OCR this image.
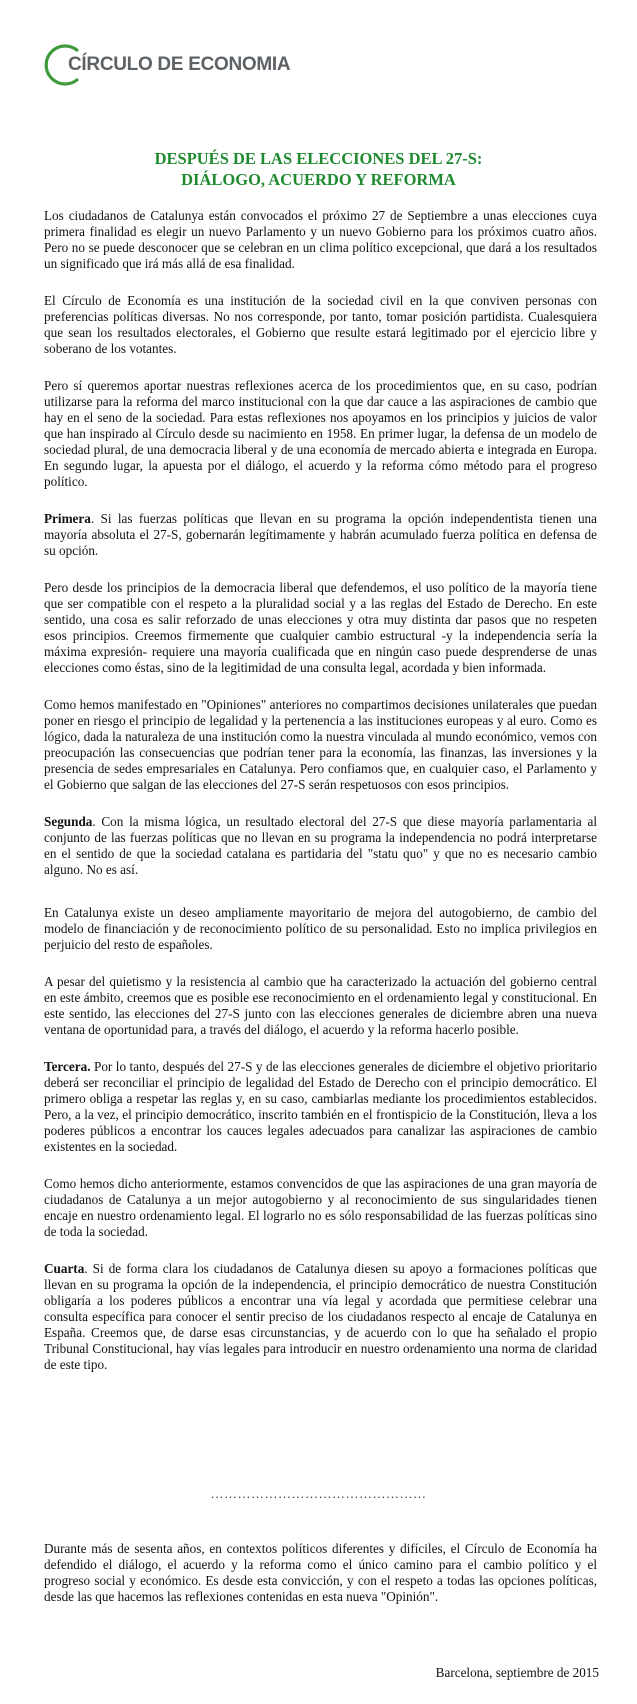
CÍRCULO DE ECONOMIA
DESPUÉS DE LAS ELECCIONES DEL 27-S:
DIÁLOGO, ACUERDO Y REFORMA

Los ciudadanos de Catalunya están convocados el próximo 27 de Septiembre a unas elecciones cuya primera finalidad es elegir un nuevo Parlamento y un nuevo Gobierno para los próximos cuatro años. Pero no se puede desconocer que se celebran en un clima político excepcional, que dará a los resultados un significado que irá más allá de esa finalidad.

El Círculo de Economía es una institución de la sociedad civil en la que conviven personas con preferencias políticas diversas. No nos corresponde, por tanto, tomar posición partidista. Cualesquiera que sean los resultados electorales, el Gobierno que resulte estará legitimado por el ejercicio libre y soberano de los votantes.

Pero sí queremos aportar nuestras reflexiones acerca de los procedimientos que, en su caso, podrían utilizarse para la reforma del marco institucional con la que dar cauce a las aspiraciones de cambio que hay en el seno de la sociedad. Para estas reflexiones nos apoyamos en los principios y juicios de valor que han inspirado al Círculo desde su nacimiento en 1958. En primer lugar, la defensa de un modelo de sociedad plural, de una democracia liberal y de una economía de mercado abierta e integrada en Europa. En segundo lugar, la apuesta por el diálogo, el acuerdo y la reforma cómo método para el progreso político.

Primera. Si las fuerzas políticas que llevan en su programa la opción independentista tienen una mayoría absoluta el 27-S, gobernarán legítimamente y habrán acumulado fuerza política en defensa de su opción.

Pero desde los principios de la democracia liberal que defendemos, el uso político de la mayoría tiene que ser compatible con el respeto a la pluralidad social y a las reglas del Estado de Derecho. En este sentido, una cosa es salir reforzado de unas elecciones y otra muy distinta dar pasos que no respeten esos principios. Creemos firmemente que cualquier cambio estructural -y la independencia sería la máxima expresión- requiere una mayoría cualificada que en ningún caso puede desprenderse de unas elecciones como éstas, sino de la legitimidad de una consulta legal, acordada y bien informada.

Como hemos manifestado en "Opiniones" anteriores no compartimos decisiones unilaterales que puedan poner en riesgo el principio de legalidad y la pertenencia a las instituciones europeas y al euro. Como es lógico, dada la naturaleza de una institución como la nuestra vinculada al mundo económico, vemos con preocupación las consecuencias que podrían tener para la economía, las finanzas, las inversiones y la presencia de sedes empresariales en Catalunya. Pero confiamos que, en cualquier caso, el Parlamento y el Gobierno que salgan de las elecciones del 27-S serán respetuosos con esos principios.

Segunda. Con la misma lógica, un resultado electoral del 27-S que diese mayoría parlamentaria al conjunto de las fuerzas políticas que no llevan en su programa la independencia no podrá interpretarse en el sentido de que la sociedad catalana es partidaria del "statu quo" y que no es necesario cambio alguno. No es así.

En Catalunya existe un deseo ampliamente mayoritario de mejora del autogobierno, de cambio del modelo de financiación y de reconocimiento político de su personalidad. Esto no implica privilegios en perjuicio del resto de españoles.

A pesar del quietismo y la resistencia al cambio que ha caracterizado la actuación del gobierno central en este ámbito, creemos que es posible ese reconocimiento en el ordenamiento legal y constitucional. En este sentido, las elecciones del 27-S junto con las elecciones generales de diciembre abren una nueva ventana de oportunidad para, a través del diálogo, el acuerdo y la reforma hacerlo posible.

Tercera. Por lo tanto, después del 27-S y de las elecciones generales de diciembre el objetivo prioritario deberá ser reconciliar el principio de legalidad del Estado de Derecho con el principio democrático. El primero obliga a respetar las reglas y, en su caso, cambiarlas mediante los procedimientos establecidos. Pero, a la vez, el principio democrático, inscrito también en el frontispicio de la Constitución, lleva a los poderes públicos a encontrar los cauces legales adecuados para canalizar las aspiraciones de cambio existentes en la sociedad.

Como hemos dicho anteriormente, estamos convencidos de que las aspiraciones de una gran mayoría de ciudadanos de Catalunya a un mejor autogobierno y al reconocimiento de sus singularidades tienen encaje en nuestro ordenamiento legal. El lograrlo no es sólo responsabilidad de las fuerzas políticas sino de toda la sociedad.

Cuarta. Si de forma clara los ciudadanos de Catalunya diesen su apoyo a formaciones políticas que llevan en su programa la opción de la independencia, el principio democrático de nuestra Constitución obligaría a los poderes públicos a encontrar una vía legal y acordada que permitiese celebrar una consulta específica para conocer el sentir preciso de los ciudadanos respecto al encaje de Catalunya en España. Creemos que, de darse esas circunstancias, y de acuerdo con lo que ha señalado el propio Tribunal Constitucional, hay vías legales para introducir en nuestro ordenamiento una norma de claridad de este tipo.

…………………………………………

Durante más de sesenta años, en contextos políticos diferentes y difíciles, el Círculo de Economía ha defendido el diálogo, el acuerdo y la reforma como el único camino para el cambio político y el progreso social y económico. Es desde esta convicción, y con el respeto a todas las opciones políticas, desde las que hacemos las reflexiones contenidas en esta nueva "Opinión".

Barcelona, septiembre de 2015
